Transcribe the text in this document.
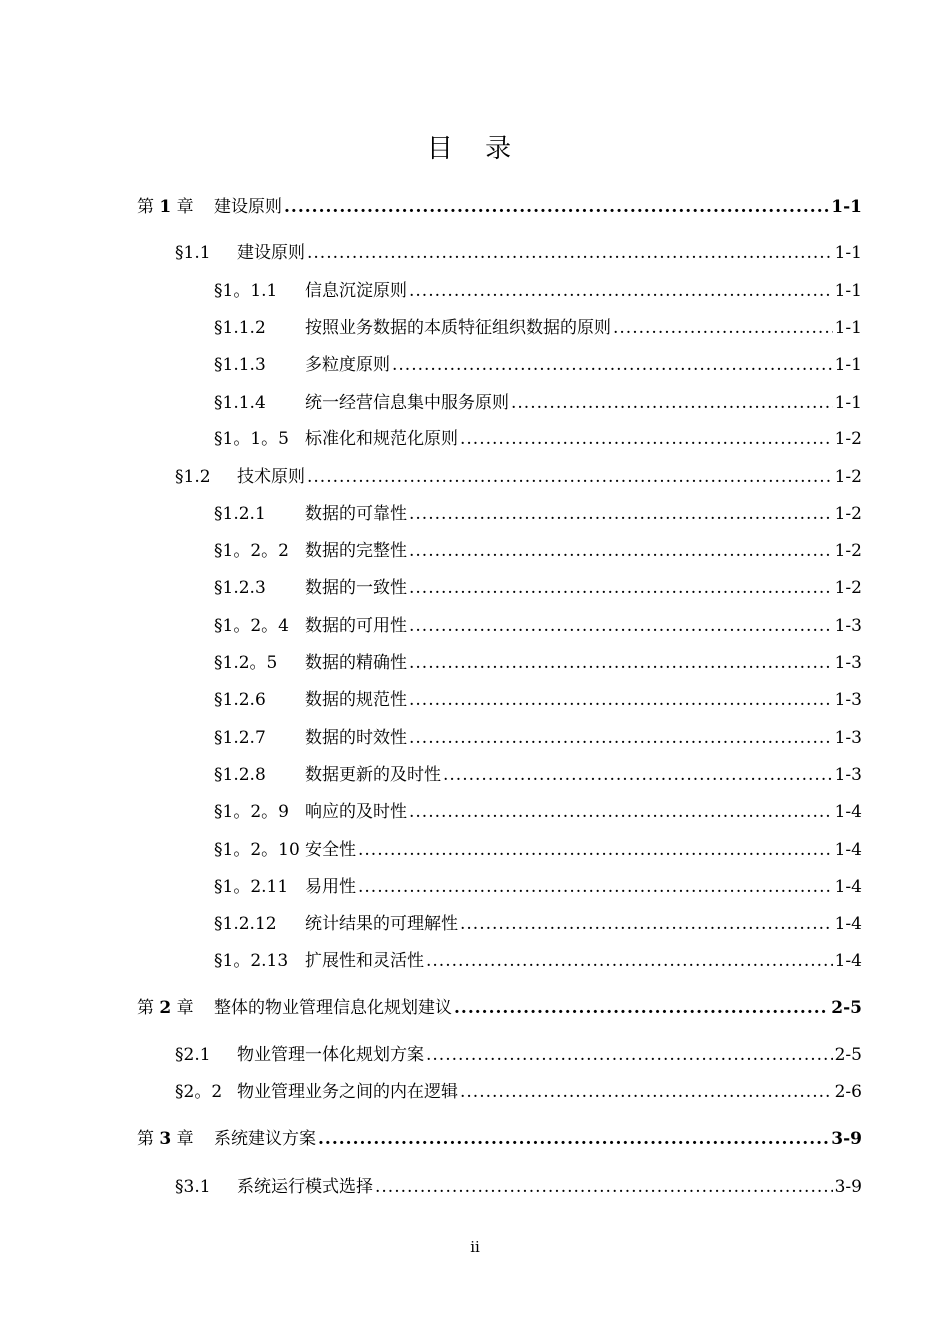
目 录
第 1 章	建设原则 .....	1-1
§1.1	建设原则 .....	1-1
§1。1.1	信息沉淀原则 .....	1-1
§1.1.2	按照业务数据的本质特征组织数据的原则 .....	1-1
§1.1.3	多粒度原则 .....	1-1
§1.1.4	统一经营信息集中服务原则 .....	1-1
§1。1。5 标准化和规范化原则 .....	1-2
§1.2	技术原则 .....	1-2
§1.2.1	数据的可靠性 .....	1-2
§1。2。2 数据的完整性 .....	1-2
§1.2.3	数据的一致性 .....	1-2
§1。2。4 数据的可用性 .....	1-3
§1.2。5	数据的精确性 .....	1-3
§1.2.6	数据的规范性 .....	1-3
§1.2.7	数据的时效性 .....	1-3
§1.2.8	数据更新的及时性 .....	1-3
§1。2。9 响应的及时性 .....	1-4
§1。2。10 安全性 .....	1-4
§1。2.11 易用性 .....	1-4
§1.2.12	统计结果的可理解性 .....	1-4
§1。2.13 扩展性和灵活性 .....	1-4
第 2 章	整体的物业管理信息化规划建议 .....	2-5
§2.1	物业管理一体化规划方案 .....	2-5
§2。2 物业管理业务之间的内在逻辑 .....	2-6
第 3 章	系统建议方案 .....	3-9
§3.1	系统运行模式选择 .....	3-9
ii
